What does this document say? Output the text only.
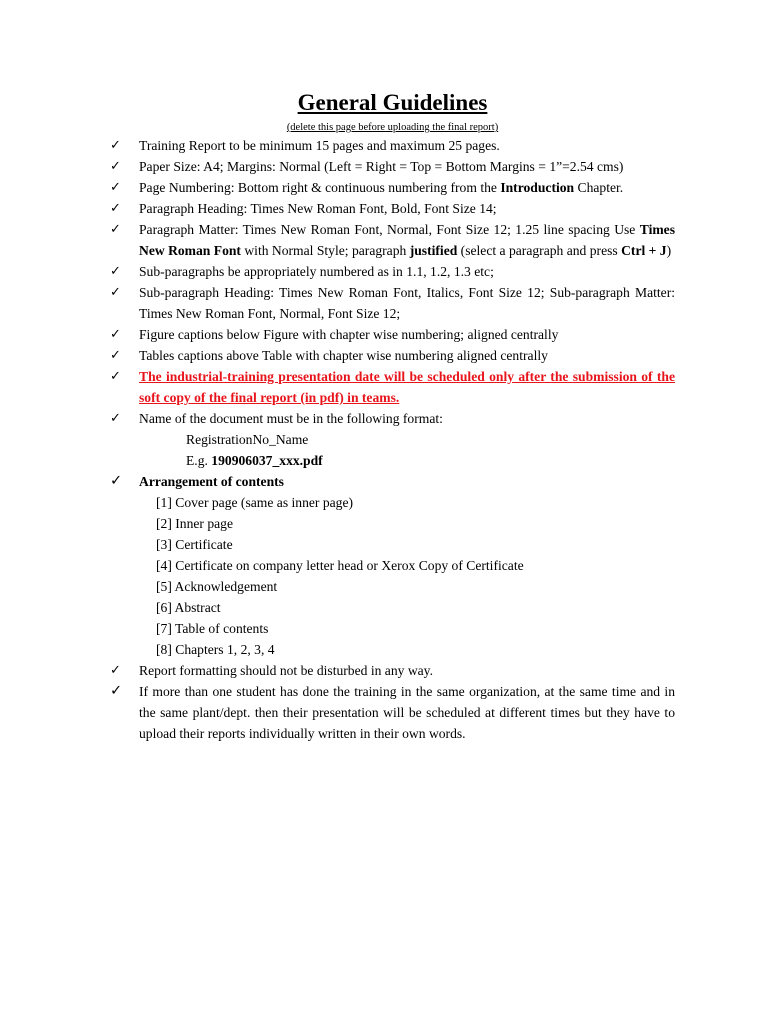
General Guidelines

(delete this page before uploading the final report)

✓	Training Report to be minimum 15 pages and maximum 25 pages.
✓	Paper Size: A4; Margins: Normal (Left = Right = Top = Bottom Margins = 1”=2.54 cms)
✓	Page Numbering: Bottom right & continuous numbering from the Introduction Chapter.
✓	Paragraph Heading: Times New Roman Font, Bold, Font Size 14;
✓	Paragraph Matter: Times New Roman Font, Normal, Font Size 12; 1.25 line spacing Use Times New Roman Font with Normal Style; paragraph justified (select a paragraph and press Ctrl + J)
✓	Sub-paragraphs be appropriately numbered as in 1.1, 1.2, 1.3 etc;
✓	Sub-paragraph Heading: Times New Roman Font, Italics, Font Size 12; Sub-paragraph Matter: Times New Roman Font, Normal, Font Size 12;
✓	Figure captions below Figure with chapter wise numbering; aligned centrally
✓	Tables captions above Table with chapter wise numbering aligned centrally
✓	The industrial-training presentation date will be scheduled only after the submission of the soft copy of the final report (in pdf) in teams.
✓	Name of the document must be in the following format:
RegistrationNo_Name
E.g. 190906037_xxx.pdf
✓ Arrangement of contents
[1] Cover page (same as inner page)
[2] Inner page
[3] Certificate
[4] Certificate on company letter head or Xerox Copy of Certificate
[5] Acknowledgement
[6] Abstract
[7] Table of contents
[8] Chapters 1, 2, 3, 4
✓	Report formatting should not be disturbed in any way.
✓ If more than one student has done the training in the same organization, at the same time and in the same plant/dept. then their presentation will be scheduled at different times but they have to upload their reports individually written in their own words.
